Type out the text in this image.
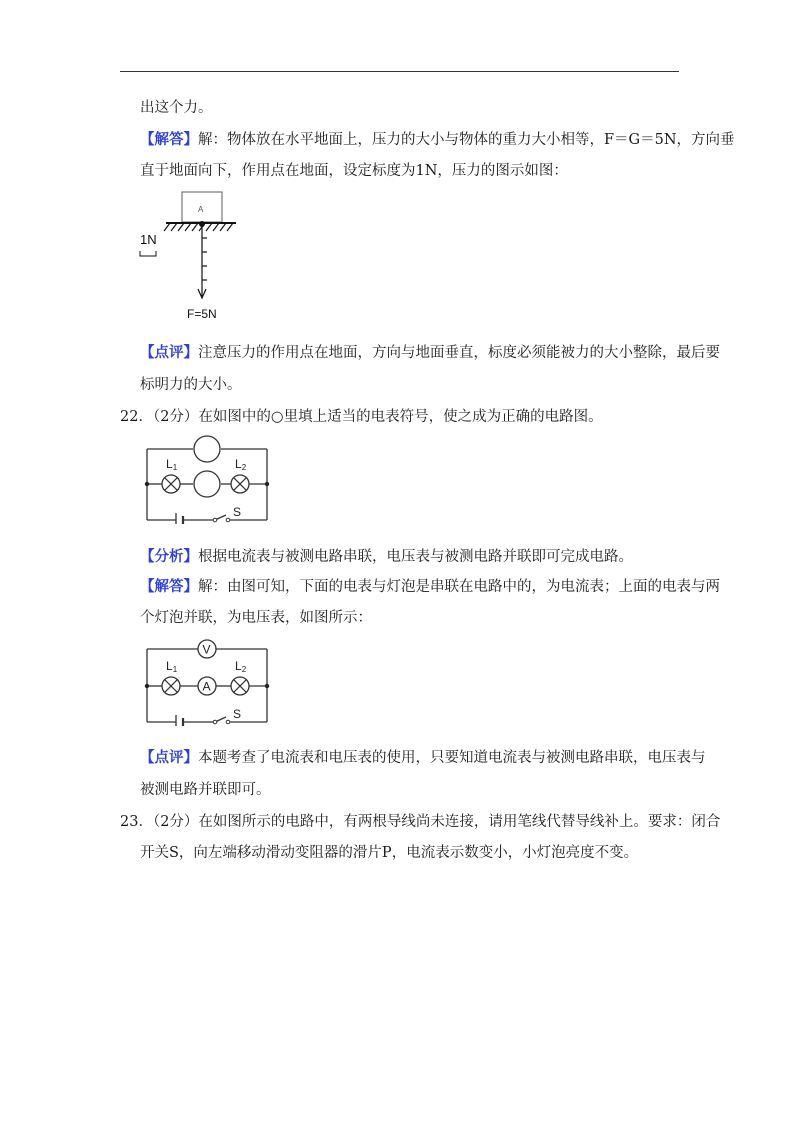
出这个力。
【解答】解：物体放在水平地面上，压力的大小与物体的重力大小相等，F＝G＝5N，方向垂
直于地面向下，作用点在地面，设定标度为1N，压力的图示如图：
A
1N
F=5N
【点评】注意压力的作用点在地面，方向与地面垂直，标度必须能被力的大小整除，最后要
标明力的大小。
22．（2分）在如图中的○里填上适当的电表符号，使之成为正确的电路图。
L1	L2
S
【分析】根据电流表与被测电路串联，电压表与被测电路并联即可完成电路。
【解答】解：由图可知，下面的电表与灯泡是串联在电路中的，为电流表；上面的电表与两
个灯泡并联，为电压表，如图所示：
V
A
L1	L2
S
【点评】本题考查了电流表和电压表的使用，只要知道电流表与被测电路串联，电压表与
被测电路并联即可。
23．（2分）在如图所示的电路中，有两根导线尚未连接，请用笔线代替导线补上。要求：闭合
开关S，向左端移动滑动变阻器的滑片P，电流表示数变小，小灯泡亮度不变。
